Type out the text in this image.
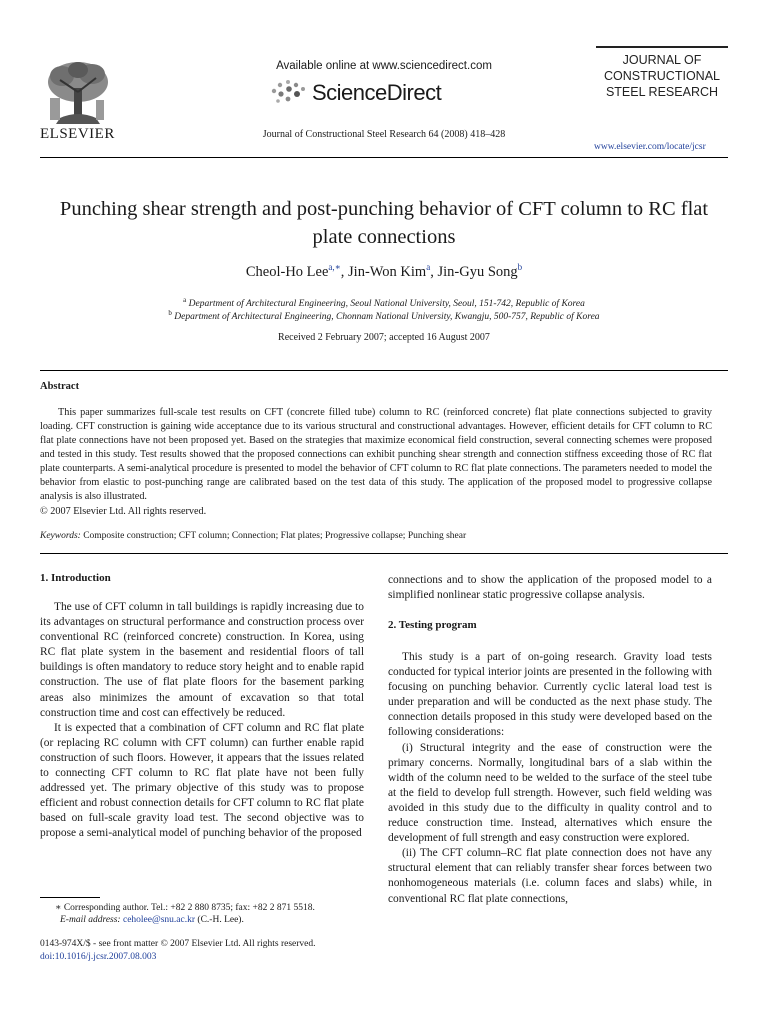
ELSEVIER
Available online at www.sciencedirect.com
ScienceDirect
Journal of Constructional Steel Research 64 (2008) 418–428
JOURNAL OF
CONSTRUCTIONAL
STEEL RESEARCH
www.elsevier.com/locate/jcsr
Punching shear strength and post-punching behavior of CFT column to RC flat plate connections
Cheol-Ho Lee$^{a,∗}$, Jin-Won Kim$^a$, Jin-Gyu Song$^b$
$^a$ Department of Architectural Engineering, Seoul National University, Seoul, 151-742, Republic of Korea
$^b$ Department of Architectural Engineering, Chonnam National University, Kwangju, 500-757, Republic of Korea
Received 2 February 2007; accepted 16 August 2007
Abstract

This paper summarizes full-scale test results on CFT (concrete filled tube) column to RC (reinforced concrete) flat plate connections subjected to gravity loading. CFT construction is gaining wide acceptance due to its various structural and constructional advantages. However, efficient details for CFT column to RC flat plate connections have not been proposed yet. Based on the strategies that maximize economical field construction, several connecting schemes were proposed and tested in this study. Test results showed that the proposed connections can exhibit punching shear strength and connection stiffness exceeding those of RC flat plate counterparts. A semi-analytical procedure is presented to model the behavior of CFT column to RC flat plate connections. The parameters needed to model the behavior from elastic to post-punching range are calibrated based on the test data of this study. The application of the proposed model to progressive collapse analysis is also illustrated.

© 2007 Elsevier Ltd. All rights reserved.
Keywords: Composite construction; CFT column; Connection; Flat plates; Progressive collapse; Punching shear
1. Introduction

The use of CFT column in tall buildings is rapidly increasing due to its advantages on structural performance and construction process over conventional RC (reinforced concrete) construction. In Korea, using RC flat plate system in the basement and residential floors of tall buildings is often mandatory to reduce story height and to enable rapid construction. The use of flat plate floors for the basement parking areas also minimizes the amount of excavation so that total construction time and cost can effectively be reduced.

It is expected that a combination of CFT column and RC flat plate (or replacing RC column with CFT column) can further enable rapid construction of such floors. However, it appears that the issues related to connecting CFT column to RC flat plate have not been fully addressed yet. The primary objective of this study was to propose efficient and robust connection details for CFT column to RC flat plate based on full-scale gravity load test. The second objective was to propose a semi-analytical model of punching behavior of the proposed

connections and to show the application of the proposed model to a simplified nonlinear static progressive collapse analysis.

2. Testing program

This study is a part of on-going research. Gravity load tests conducted for typical interior joints are presented in the following with focusing on punching behavior. Currently cyclic lateral load test is under preparation and will be conducted as the next phase study. The connection details proposed in this study were developed based on the following considerations:

(i) Structural integrity and the ease of construction were the primary concerns. Normally, longitudinal bars of a slab within the width of the column need to be welded to the surface of the steel tube at the field to develop full strength. However, such field welding was avoided in this study due to the difficulty in quality control and to reduce construction time. Instead, alternatives which ensure the development of full strength and easy construction were explored.

(ii) The CFT column–RC flat plate connection does not have any structural element that can reliably transfer shear forces between two nonhomogeneous materials (i.e. column faces and slabs) while, in conventional RC flat plate connections,

∗ Corresponding author. Tel.: +82 2 880 8735; fax: +82 2 871 5518.
E-mail address: ceholee@snu.ac.kr (C.-H. Lee).
0143-974X/$ - see front matter © 2007 Elsevier Ltd. All rights reserved.
doi:10.1016/j.jcsr.2007.08.003
